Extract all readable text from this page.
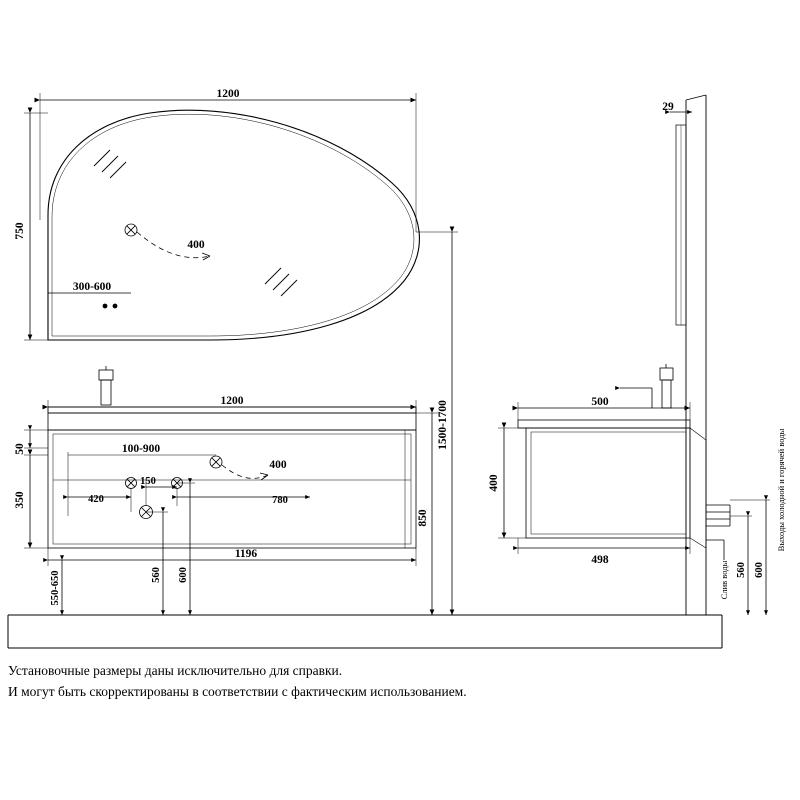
1200
750
400
300-600
1200
50
350
850
1500-1700
1196
100-900
400
420
150
780
550-650	560 600
500
400
498
29
560 600
Слив воды
Выходы холодной и горячей воды
Установочные размеры даны исключительно для справки.
И могут быть скорректированы в соответствии с фактическим использованием.
